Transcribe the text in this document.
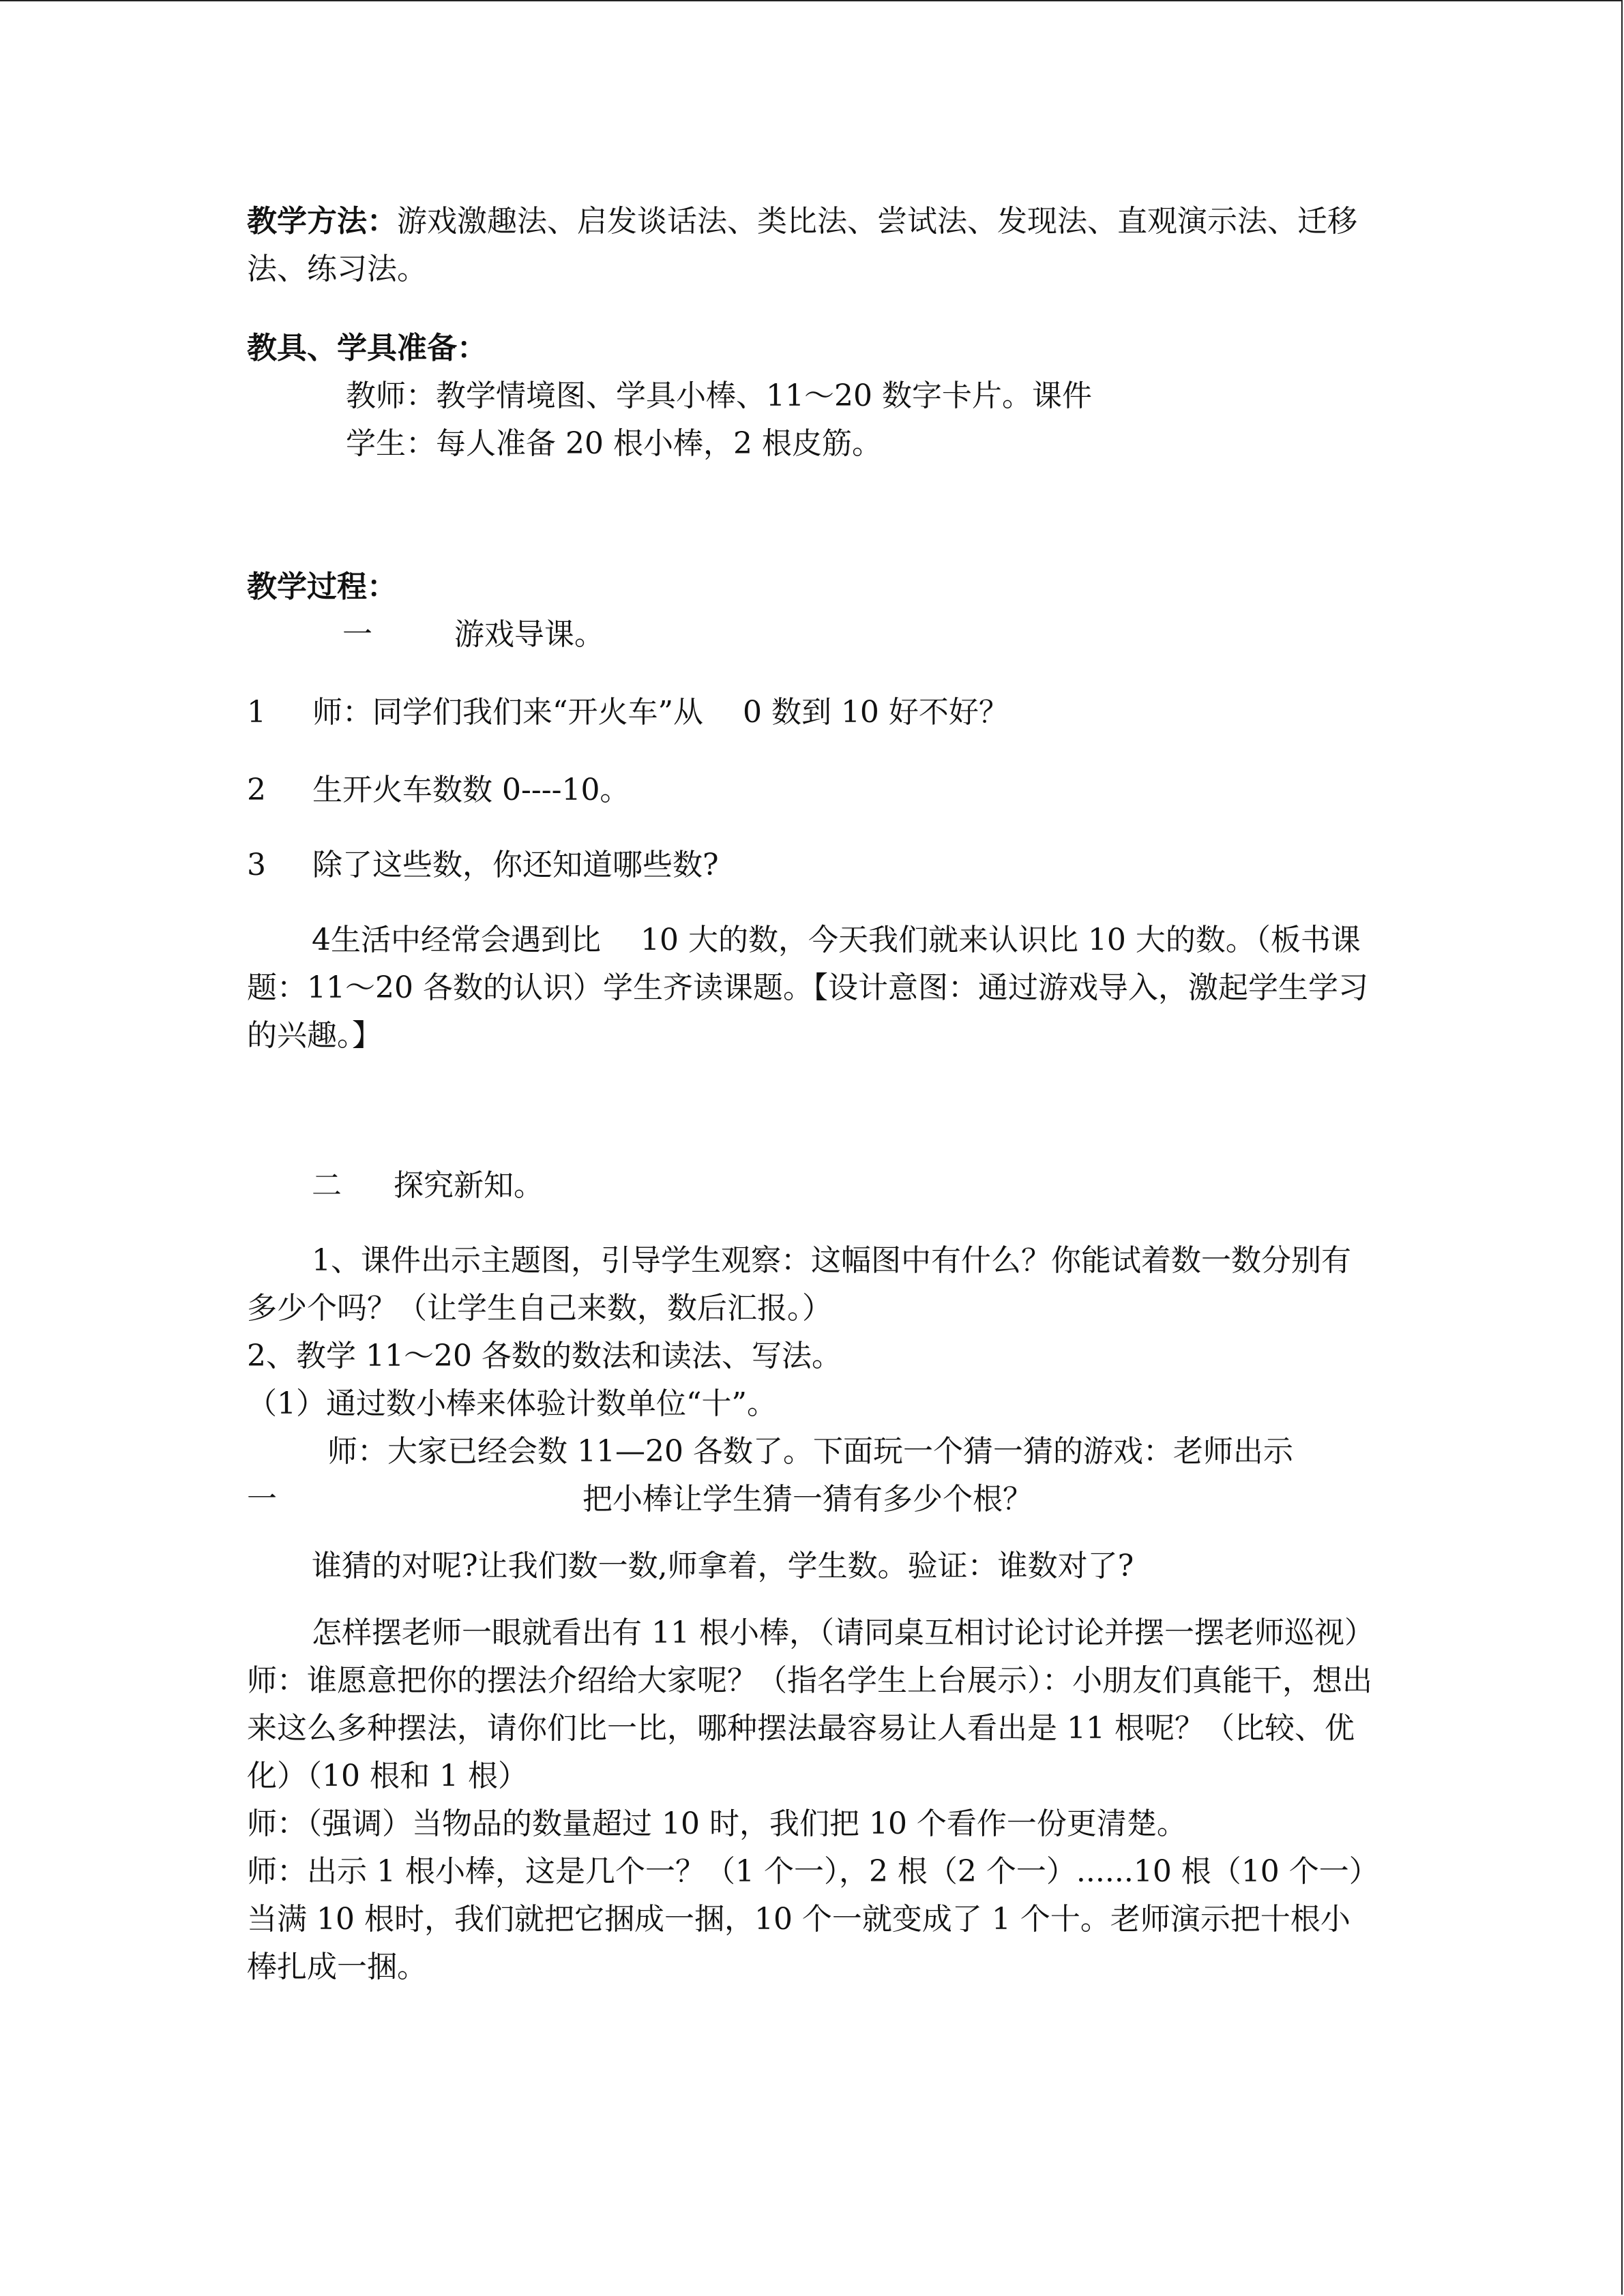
教学方法：游戏激趣法、启发谈话法、类比法、尝试法、发现法、直观演示法、迁移法、练习法。

教具、学具准备：

教师：教学情境图、学具小棒、11～20 数字卡片。课件

学生：每人准备 20 根小棒，2 根皮筋。

教学过程：

一	游戏导课。

1	师：同学们我们来“开火车”从  0 数到 10 好不好？
2	生开火车数数 0----10。
3	除了这些数，你还知道哪些数?

4生活中经常会遇到比  10 大的数，今天我们就来认识比 10 大的数。（板书课题：11～20 各数的认识）学生齐读课题。【设计意图：通过游戏导入，激起学生学习的兴趣。】

二 探究新知。

1、课件出示主题图，引导学生观察：这幅图中有什么？你能试着数一数分别有多少个吗？（让学生自己来数，数后汇报。）

2、教学 11～20 各数的数法和读法、写法。

（1）通过数小棒来体验计数单位“十”。

师：大家已经会数 11—20 各数了。下面玩一个猜一猜的游戏：老师出示

一	把小棒让学生猜一猜有多少个根？

谁猜的对呢?让我们数一数,师拿着，学生数。验证：谁数对了?

怎样摆老师一眼就看出有 11 根小棒，（请同桌互相讨论讨论并摆一摆老师巡视）

师：谁愿意把你的摆法介绍给大家呢？（指名学生上台展示）：小朋友们真能干，想出来这么多种摆法，请你们比一比，哪种摆法最容易让人看出是 11 根呢？（比较、优化）（10 根和 1 根）

师：（强调）当物品的数量超过 10 时，我们把 10 个看作一份更清楚。

师：出示 1 根小棒，这是几个一？（1 个一），2 根（2 个一）......10 根（10 个一）当满 10 根时，我们就把它捆成一捆，10 个一就变成了 1 个十。老师演示把十根小棒扎成一捆。
